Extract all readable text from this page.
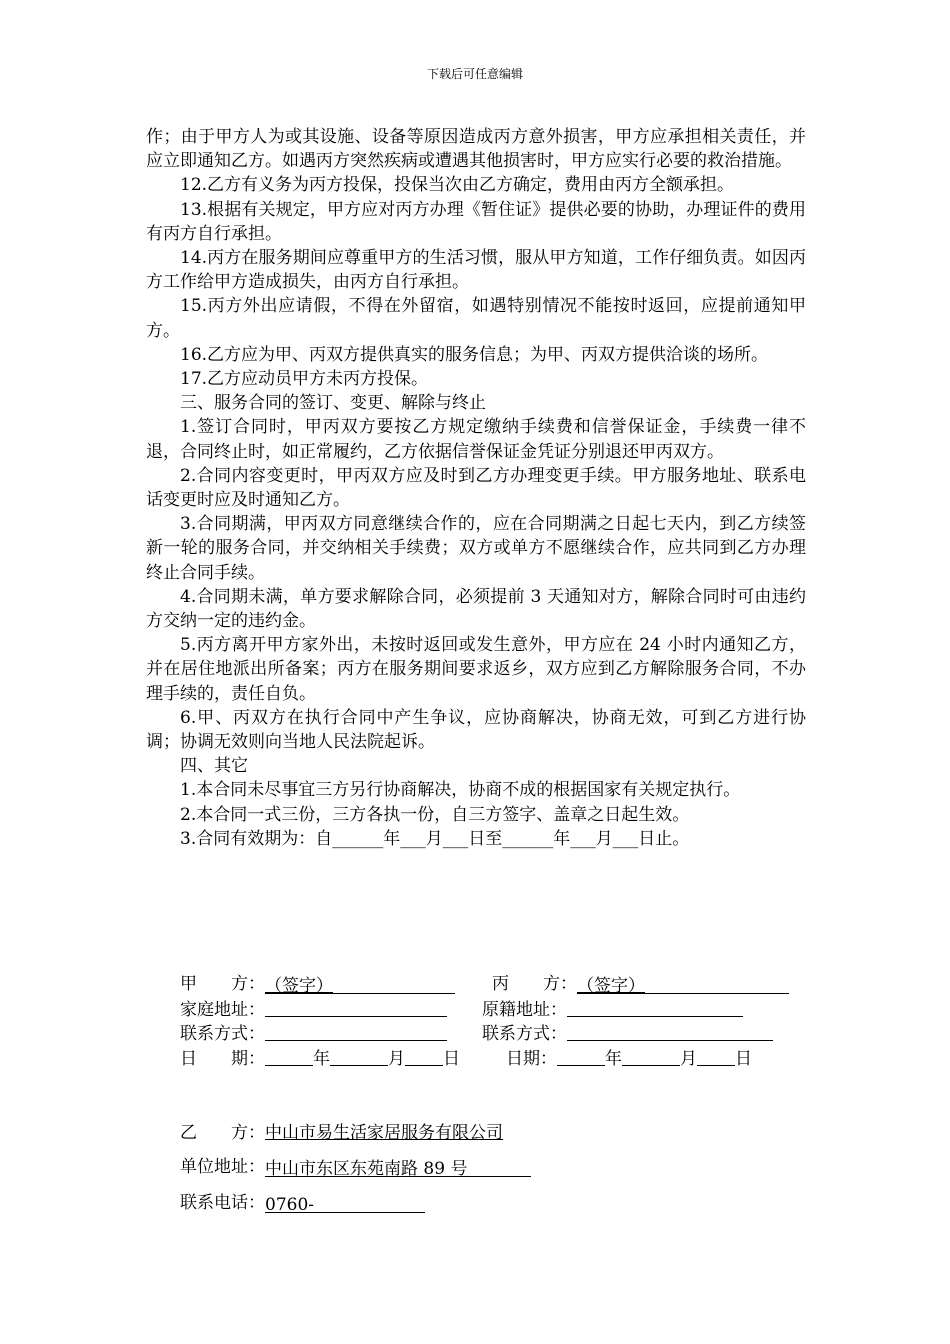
下载后可任意编辑

作；由于甲方人为或其设施、设备等原因造成丙方意外损害，甲方应承担相关责任，并应立即通知乙方。如遇丙方突然疾病或遭遇其他损害时，甲方应实行必要的救治措施。

12.乙方有义务为丙方投保，投保当次由乙方确定，费用由丙方全额承担。

13.根据有关规定，甲方应对丙方办理《暂住证》提供必要的协助，办理证件的费用有丙方自行承担。

14.丙方在服务期间应尊重甲方的生活习惯，服从甲方知道，工作仔细负责。如因丙方工作给甲方造成损失，由丙方自行承担。

15.丙方外出应请假，不得在外留宿，如遇特别情况不能按时返回，应提前通知甲方。

16.乙方应为甲、丙双方提供真实的服务信息；为甲、丙双方提供洽谈的场所。

17.乙方应动员甲方未丙方投保。

三、服务合同的签订、变更、解除与终止

1.签订合同时，甲丙双方要按乙方规定缴纳手续费和信誉保证金，手续费一律不退，合同终止时，如正常履约，乙方依据信誉保证金凭证分别退还甲丙双方。

2.合同内容变更时，甲丙双方应及时到乙方办理变更手续。甲方服务地址、联系电话变更时应及时通知乙方。

3.合同期满，甲丙双方同意继续合作的，应在合同期满之日起七天内，到乙方续签新一轮的服务合同，并交纳相关手续费；双方或单方不愿继续合作，应共同到乙方办理终止合同手续。

4.合同期未满，单方要求解除合同，必须提前 3 天通知对方，解除合同时可由违约方交纳一定的违约金。

5.丙方离开甲方家外出，未按时返回或发生意外，甲方应在 24 小时内通知乙方，并在居住地派出所备案；丙方在服务期间要求返乡，双方应到乙方解除服务合同，不办理手续的，责任自负。

6.甲、丙双方在执行合同中产生争议，应协商解决，协商无效，可到乙方进行协调；协调无效则向当地人民法院起诉。

四、其它

1.本合同未尽事宜三方另行协商解决，协商不成的根据国家有关规定执行。

2.本合同一式三份，三方各执一份，自三方签字、盖章之日起生效。

3.合同有效期为：自______年___月___日至______年___月___日止。

甲　　方：（签字）	丙　　方：（签字）
家庭地址：	原籍地址：
联系方式：	联系方式：
日　　期：	年	月 日	日期：	年	月 日
乙　　方：中山市易生活家居服务有限公司
单位地址：中山市东区东苑南路 89 号
联系电话：0760-
